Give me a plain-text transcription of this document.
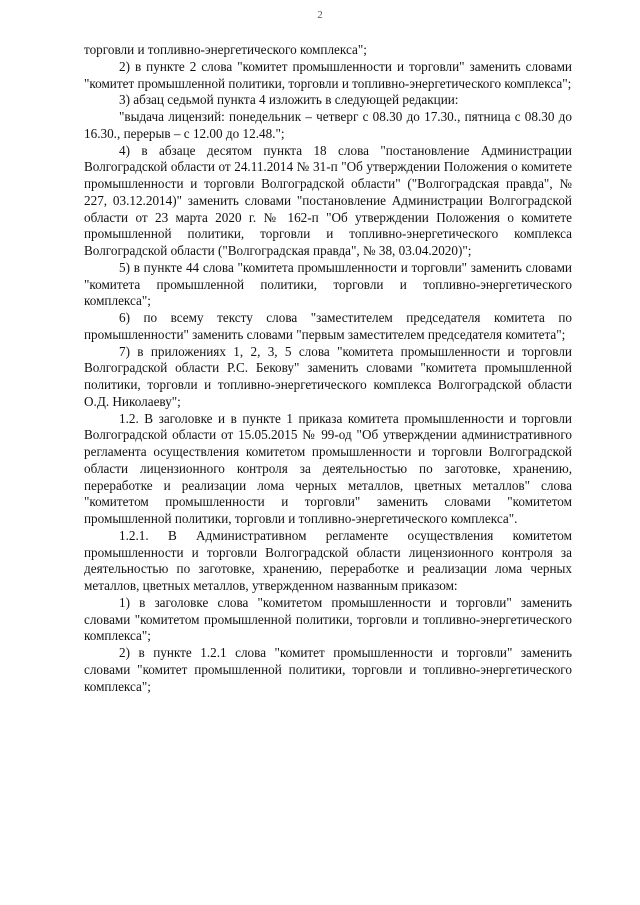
2

торговли и топливно-энергетического комплекса";

2) в пункте 2 слова "комитет промышленности и торговли" заменить словами "комитет промышленной политики, торговли и топливно-энергетического комплекса";

3) абзац седьмой пункта 4 изложить в следующей редакции:

"выдача лицензий: понедельник – четверг с 08.30 до 17.30., пятница с 08.30 до 16.30., перерыв – с 12.00 до 12.48.";

4) в абзаце десятом пункта 18 слова "постановление Администрации Волгоградской области от 24.11.2014 № 31-п "Об утверждении Положения о комитете промышленности и торговли Волгоградской области" ("Волгоградская правда", № 227, 03.12.2014)" заменить словами "постановление Администрации Волгоградской области от 23 марта 2020 г. № 162-п "Об утверждении Положения о комитете промышленной политики, торговли и топливно-энергетического комплекса Волгоградской области ("Волгоградская правда", № 38, 03.04.2020)";

5) в пункте 44 слова "комитета промышленности и торговли" заменить словами "комитета промышленной политики, торговли и топливно-энергетического комплекса";

6) по всему тексту слова "заместителем председателя комитета по промышленности" заменить словами "первым заместителем председателя комитета";

7) в приложениях 1, 2, 3, 5 слова "комитета промышленности и торговли Волгоградской области Р.С. Бекову" заменить словами "комитета промышленной политики, торговли и топливно-энергетического комплекса Волгоградской области О.Д. Николаеву";

1.2. В заголовке и в пункте 1 приказа комитета промышленности и торговли Волгоградской области от 15.05.2015 № 99-од "Об утверждении административного регламента осуществления комитетом промышленности и торговли Волгоградской области лицензионного контроля за деятельностью по заготовке, хранению, переработке и реализации лома черных металлов, цветных металлов" слова "комитетом промышленности и торговли" заменить словами "комитетом промышленной политики, торговли и топливно-энергетического комплекса".

1.2.1. В Административном регламенте осуществления комитетом промышленности и торговли Волгоградской области лицензионного контроля за деятельностью по заготовке, хранению, переработке и реализации лома черных металлов, цветных металлов, утвержденном названным приказом:

1) в заголовке слова "комитетом промышленности и торговли" заменить словами "комитетом промышленной политики, торговли и топливно-энергетического комплекса";

2) в пункте 1.2.1 слова "комитет промышленности и торговли" заменить словами "комитет промышленной политики, торговли и топливно-энергетического комплекса";
